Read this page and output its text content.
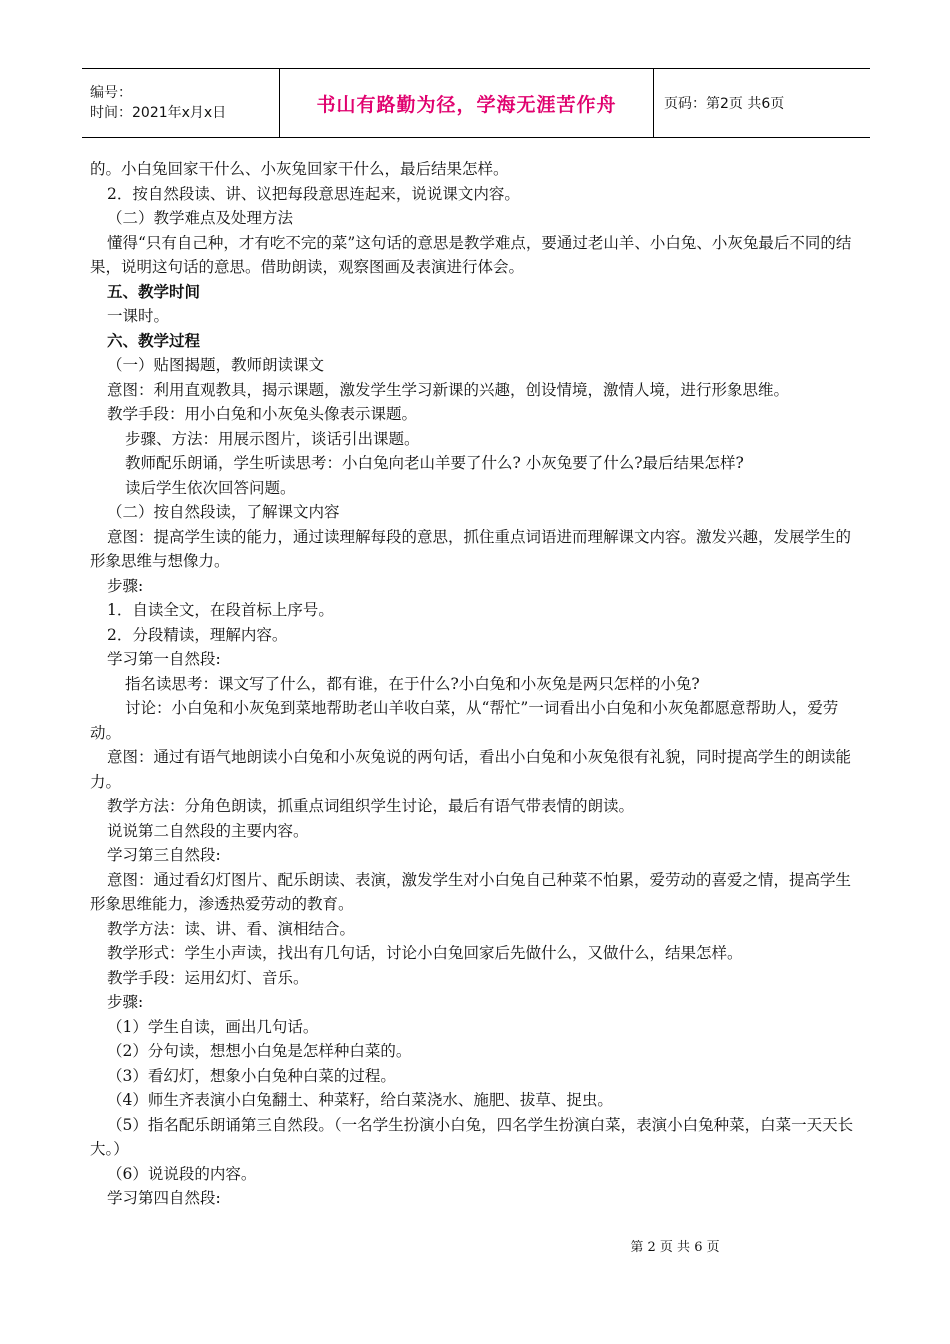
编号：
时间：2021年x月x日	书山有路勤为径，学海无涯苦作舟	页码：第2页 共6页

的。小白兔回家干什么、小灰兔回家干什么，最后结果怎样。

2．按自然段读、讲、议把每段意思连起来，说说课文内容。

（二）教学难点及处理方法

懂得“只有自己种，才有吃不完的菜”这句话的意思是教学难点，要通过老山羊、小白兔、小灰兔最后不同的结果，说明这句话的意思。借助朗读，观察图画及表演进行体会。

五、教学时间

一课时。

六、教学过程

（一）贴图揭题，教师朗读课文

意图：利用直观教具，揭示课题，激发学生学习新课的兴趣，创设情境，激情人境，进行形象思维。

教学手段：用小白兔和小灰兔头像表示课题。

步骤、方法：用展示图片，谈话引出课题。

教师配乐朗诵，学生听读思考：小白兔向老山羊要了什么? 小灰兔要了什么?最后结果怎样?

读后学生依次回答问题。

（二）按自然段读，了解课文内容

意图：提高学生读的能力，通过读理解每段的意思，抓住重点词语进而理解课文内容。激发兴趣，发展学生的形象思维与想像力。

步骤:

1．自读全文，在段首标上序号。

2．分段精读，理解内容。

学习第一自然段:

指名读思考：课文写了什么，都有谁，在于什么?小白兔和小灰兔是两只怎样的小兔?

讨论：小白兔和小灰兔到菜地帮助老山羊收白菜，从“帮忙”一词看出小白兔和小灰兔都愿意帮助人，爱劳动。

意图：通过有语气地朗读小白兔和小灰兔说的两句话，看出小白兔和小灰兔很有礼貌，同时提高学生的朗读能力。

教学方法：分角色朗读，抓重点词组织学生讨论，最后有语气带表情的朗读。

说说第二自然段的主要内容。

学习第三自然段:

意图：通过看幻灯图片、配乐朗读、表演，激发学生对小白兔自己种菜不怕累，爱劳动的喜爱之情，提高学生形象思维能力，渗透热爱劳动的教育。

教学方法：读、讲、看、演相结合。

教学形式：学生小声读，找出有几句话，讨论小白兔回家后先做什么，又做什么，结果怎样。

教学手段：运用幻灯、音乐。

步骤:

（1）学生自读，画出几句话。

（2）分句读，想想小白兔是怎样种白菜的。

（3）看幻灯，想象小白兔种白菜的过程。

（4）师生齐表演小白兔翻土、种菜籽，给白菜浇水、施肥、拔草、捉虫。

（5）指名配乐朗诵第三自然段。（一名学生扮演小白兔，四名学生扮演白菜，表演小白兔种菜，白菜一天天长大。）

（6）说说段的内容。

学习第四自然段:

第 2 页 共 6 页
